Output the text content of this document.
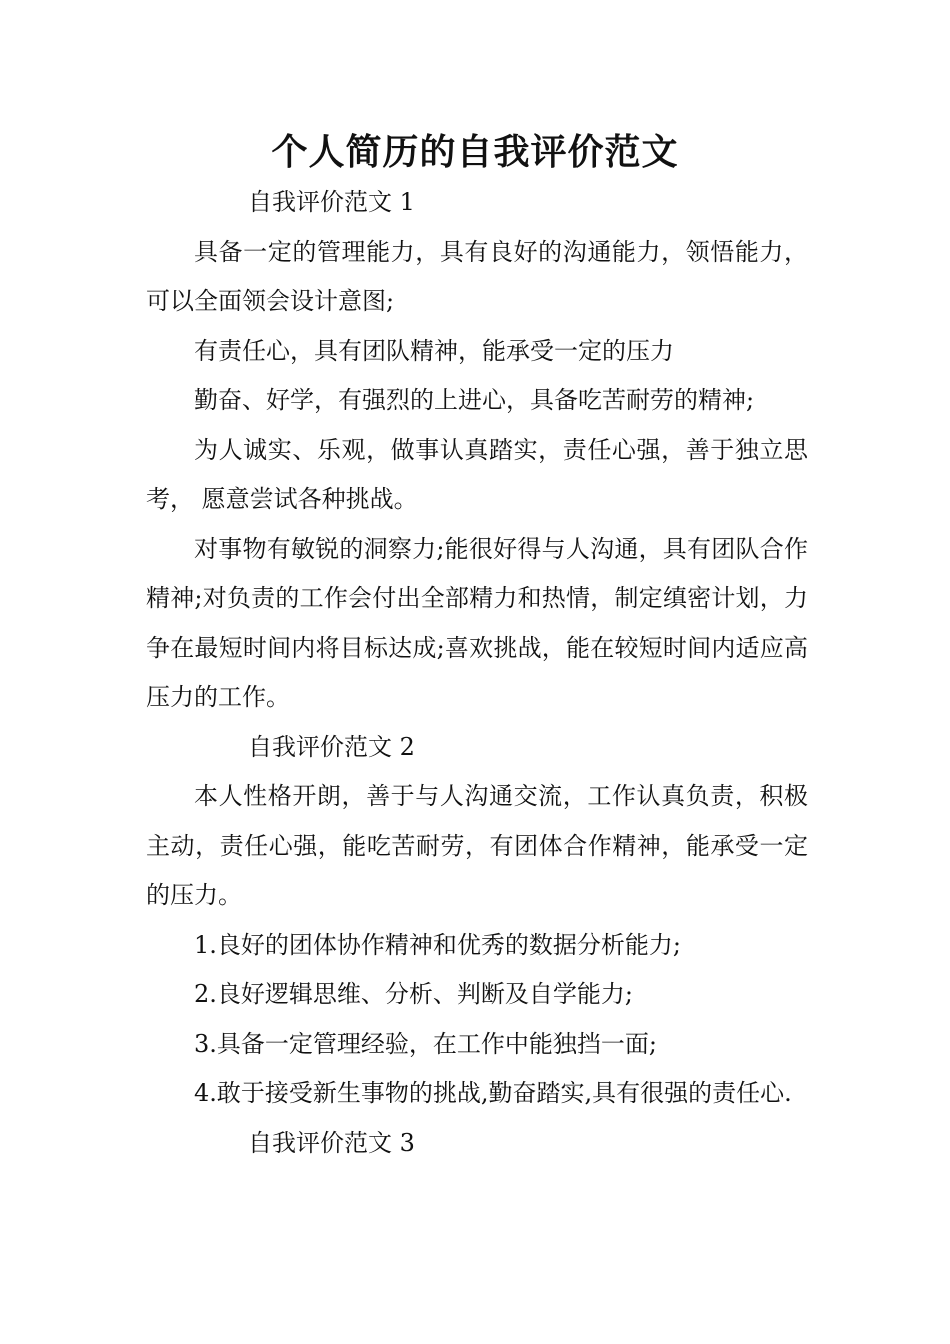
个人简历的自我评价范文

自我评价范文 1

具备一定的管理能力，具有良好的沟通能力，领悟能力，可以全面领会设计意图;

有责任心，具有团队精神，能承受一定的压力

勤奋、好学，有强烈的上进心，具备吃苦耐劳的精神;

为人诚实、乐观，做事认真踏实，责任心强，善于独立思考， 愿意尝试各种挑战。

对事物有敏锐的洞察力;能很好得与人沟通，具有团队合作精神;对负责的工作会付出全部精力和热情，制定缜密计划，力争在最短时间内将目标达成;喜欢挑战，能在较短时间内适应高压力的工作。

自我评价范文 2

本人性格开朗，善于与人沟通交流，工作认真负责，积极主动，责任心强，能吃苦耐劳，有团体合作精神，能承受一定的压力。

1.良好的团体协作精神和优秀的数据分析能力;

2.良好逻辑思维、分析、判断及自学能力;

3.具备一定管理经验，在工作中能独挡一面;

4.敢于接受新生事物的挑战,勤奋踏实,具有很强的责任心.

自我评价范文 3
